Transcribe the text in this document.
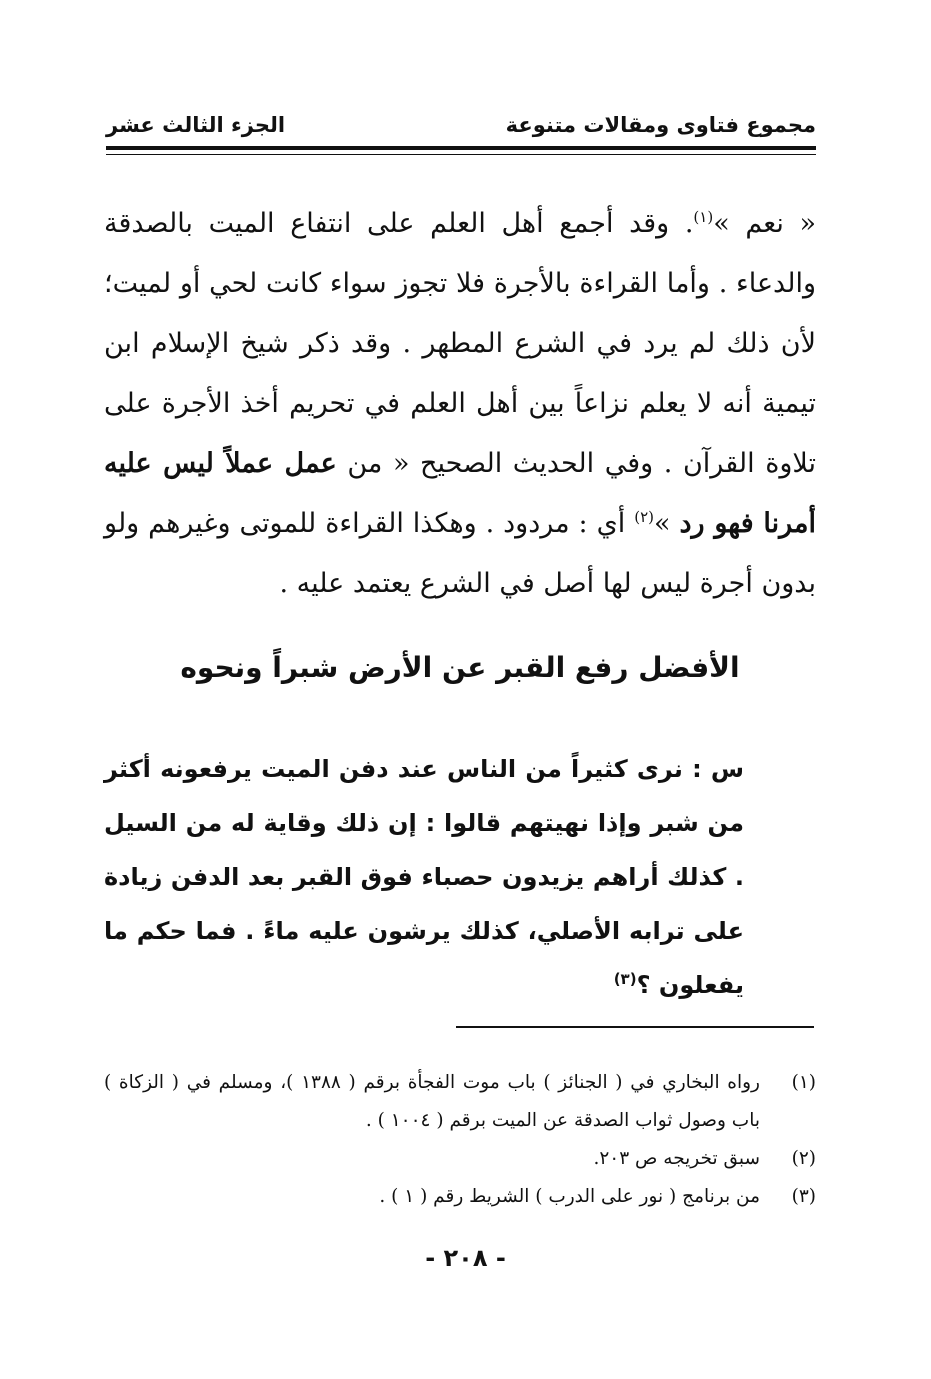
مجموع فتاوى ومقالات متنوعة
الجزء الثالث عشر

« نعم »$^{(١)}$. وقد أجمع أهل العلم على انتفاع الميت بالصدقة والدعاء . وأما القراءة بالأجرة فلا تجوز سواء كانت لحي أو لميت؛ لأن ذلك لم يرد في الشرع المطهر . وقد ذكر شيخ الإسلام ابن تيمية أنه لا يعلم نزاعاً بين أهل العلم في تحريم أخذ الأجرة على تلاوة القرآن . وفي الحديث الصحيح « من عمل عملاً ليس عليه أمرنا فهو رد »$^{(٢)}$ أي : مردود . وهكذا القراءة للموتى وغيرهم ولو بدون أجرة ليس لها أصل في الشرع يعتمد عليه .

الأفضل رفع القبر عن الأرض شبراً ونحوه

س : نرى كثيراً من الناس عند دفن الميت يرفعونه أكثر من شبر وإذا نهيتهم قالوا : إن ذلك وقاية له من السيل . كذلك أراهم يزيدون حصباء فوق القبر بعد الدفن زيادة على ترابه الأصلي، كذلك يرشون عليه ماءً . فما حكم ما يفعلون ؟$^{(٣)}$

(١)
رواه البخاري في ( الجنائز ) باب موت الفجأة برقم ( ١٣٨٨ )، ومسلم في ( الزكاة ) باب وصول ثواب الصدقة عن الميت برقم ( ١٠٠٤ ) .
(٢)
سبق تخريجه ص ٢٠٣.
(٣)
من برنامج ( نور على الدرب ) الشريط رقم ( ١ ) .
- ٢٠٨ -
